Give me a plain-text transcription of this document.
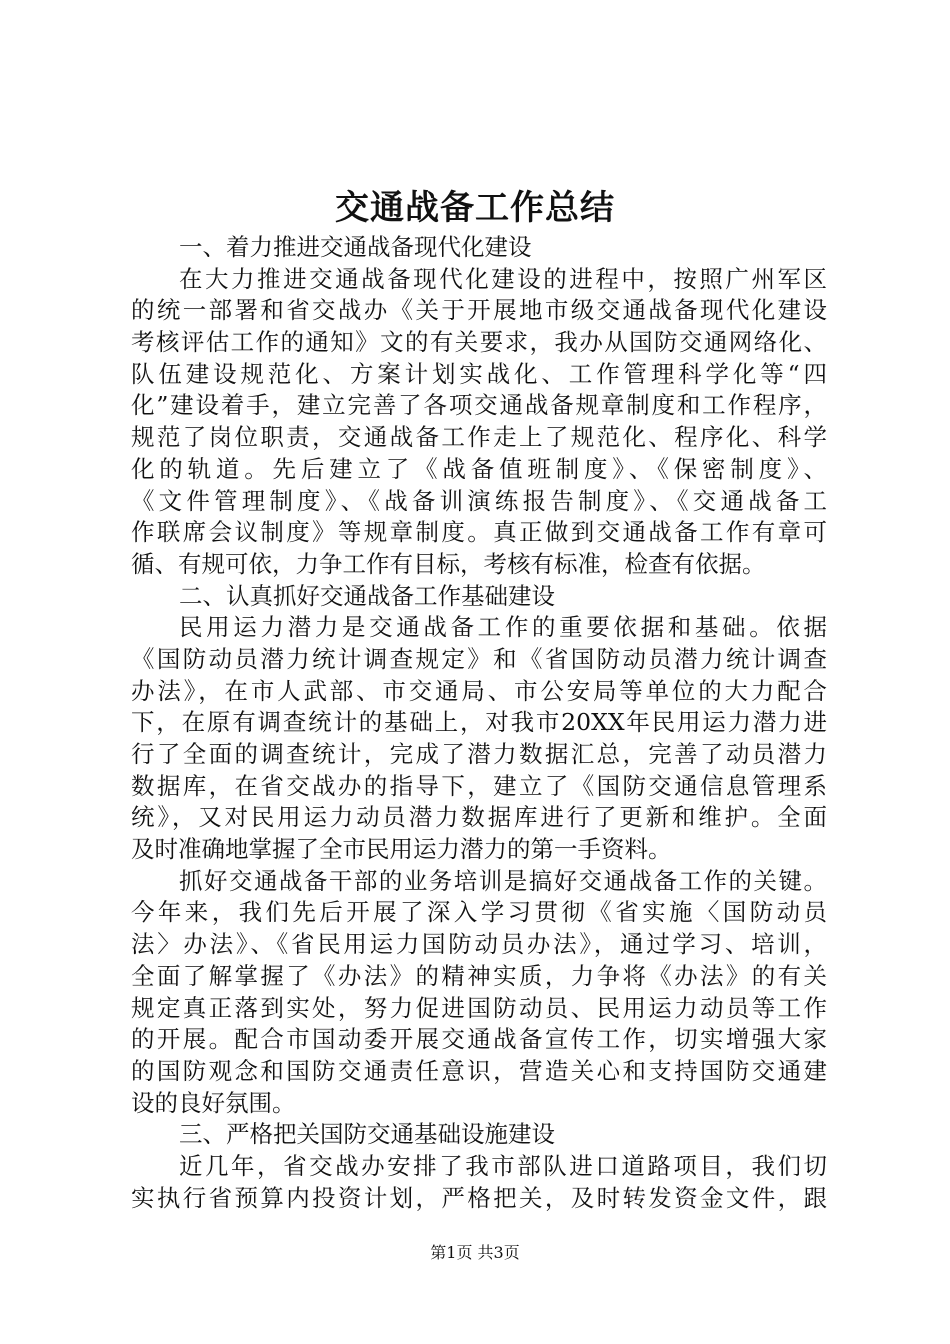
交通战备工作总结
一、着力推进交通战备现代化建设
在大力推进交通战备现代化建设的进程中，按照广州军区
的统一部署和省交战办《关于开展地市级交通战备现代化建设
考核评估工作的通知》文的有关要求，我办从国防交通网络化、
队伍建设规范化、方案计划实战化、工作管理科学化等“四
化”建设着手，建立完善了各项交通战备规章制度和工作程序，
规范了岗位职责，交通战备工作走上了规范化、程序化、科学
化的轨道。先后建立了《战备值班制度》、《保密制度》、
《文件管理制度》、《战备训演练报告制度》、《交通战备工
作联席会议制度》等规章制度。真正做到交通战备工作有章可
循、有规可依，力争工作有目标，考核有标准，检查有依据。
二、认真抓好交通战备工作基础建设
民用运力潜力是交通战备工作的重要依据和基础。依据
《国防动员潜力统计调查规定》和《省国防动员潜力统计调查
办法》，在市人武部、市交通局、市公安局等单位的大力配合
下，在原有调查统计的基础上，对我市20XX年民用运力潜力进
行了全面的调查统计，完成了潜力数据汇总，完善了动员潜力
数据库，在省交战办的指导下，建立了《国防交通信息管理系
统》，又对民用运力动员潜力数据库进行了更新和维护。全面
及时准确地掌握了全市民用运力潜力的第一手资料。
抓好交通战备干部的业务培训是搞好交通战备工作的关键。
今年来，我们先后开展了深入学习贯彻《省实施〈国防动员
法〉办法》、《省民用运力国防动员办法》，通过学习、培训，
全面了解掌握了《办法》的精神实质，力争将《办法》的有关
规定真正落到实处，努力促进国防动员、民用运力动员等工作
的开展。配合市国动委开展交通战备宣传工作，切实增强大家
的国防观念和国防交通责任意识，营造关心和支持国防交通建
设的良好氛围。
三、严格把关国防交通基础设施建设
近几年，省交战办安排了我市部队进口道路项目，我们切
实执行省预算内投资计划，严格把关，及时转发资金文件，跟
第1页 共3页
